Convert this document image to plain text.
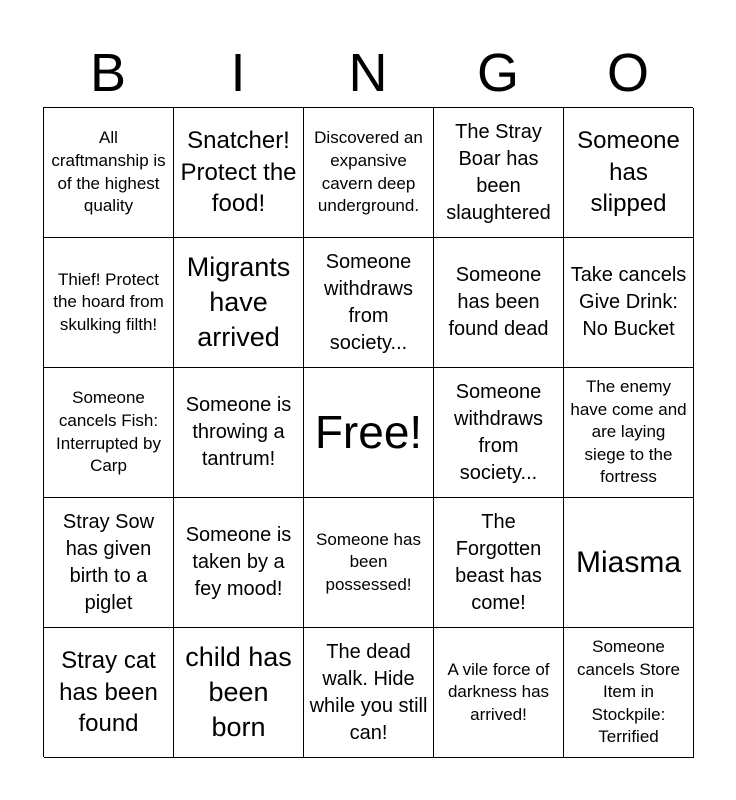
B	I	N	G	O
All craftmanship is of the highest quality
Snatcher! Protect the food!
Discovered an expansive cavern deep underground.
The Stray Boar has been slaughtered
Someone has slipped
Thief! Protect the hoard from skulking filth!
Migrants have arrived
Someone withdraws from society...
Someone has been found dead
Take cancels Give Drink: No Bucket
Someone cancels Fish: Interrupted by Carp
Someone is throwing a tantrum!
Free!
Someone withdraws from society...
The enemy have come and are laying siege to the fortress
Stray Sow has given birth to a piglet
Someone is taken by a fey mood!
Someone has been possessed!
The Forgotten beast has come!
Miasma
Stray cat has been found
child has been born
The dead walk. Hide while you still can!
A vile force of darkness has arrived!
Someone cancels Store Item in Stockpile: Terrified
